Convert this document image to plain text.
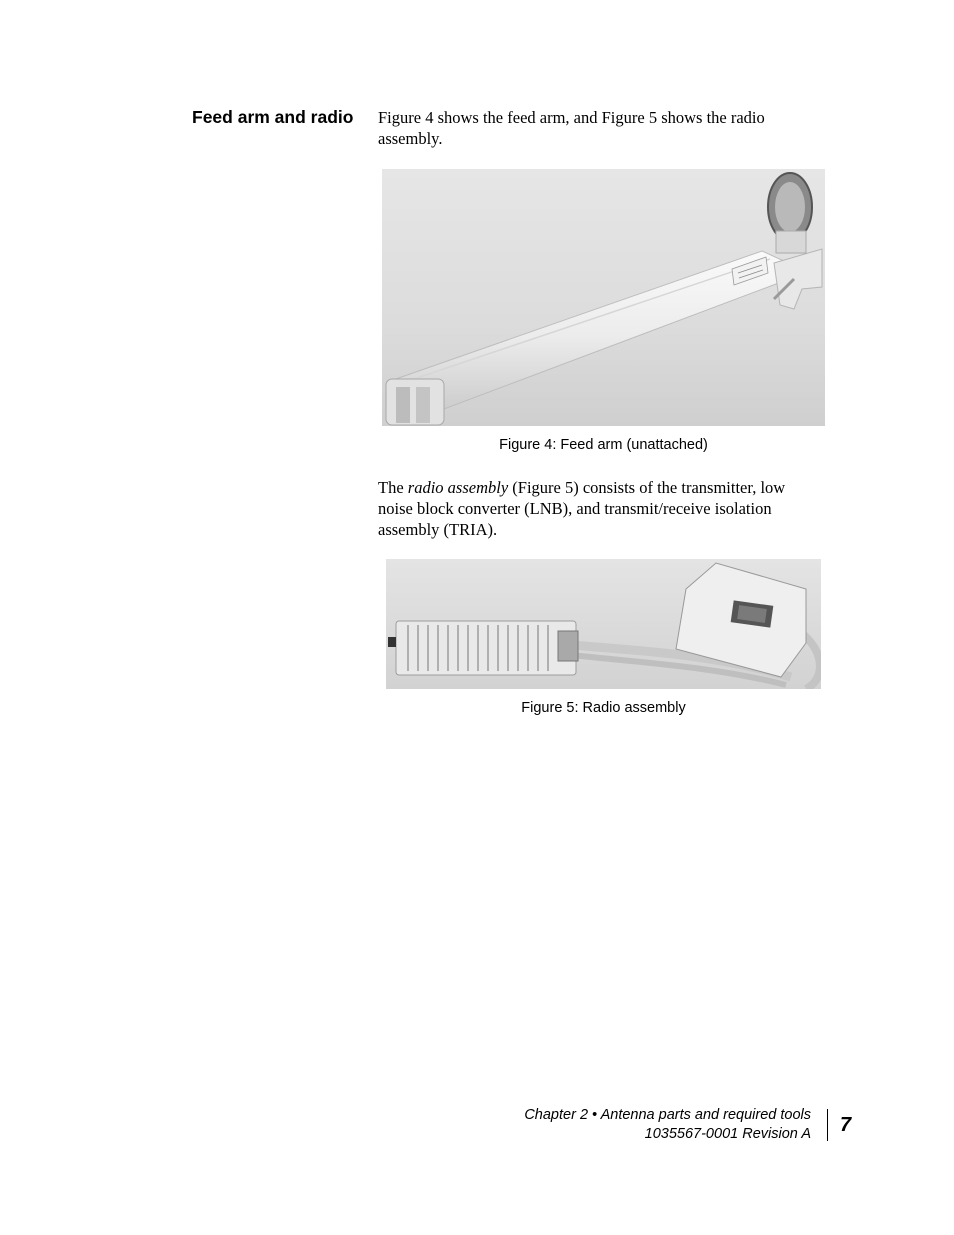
Feed arm and radio	Figure 4 shows the feed arm, and Figure 5 shows the radio assembly.

Figure 4: Feed arm (unattached)

The radio assembly (Figure 5) consists of the transmitter, low noise block converter (LNB), and transmit/receive isolation assembly (TRIA).

Figure 5: Radio assembly

Chapter 2 • Antenna parts and required tools
1035567-0001 Revision A 7
